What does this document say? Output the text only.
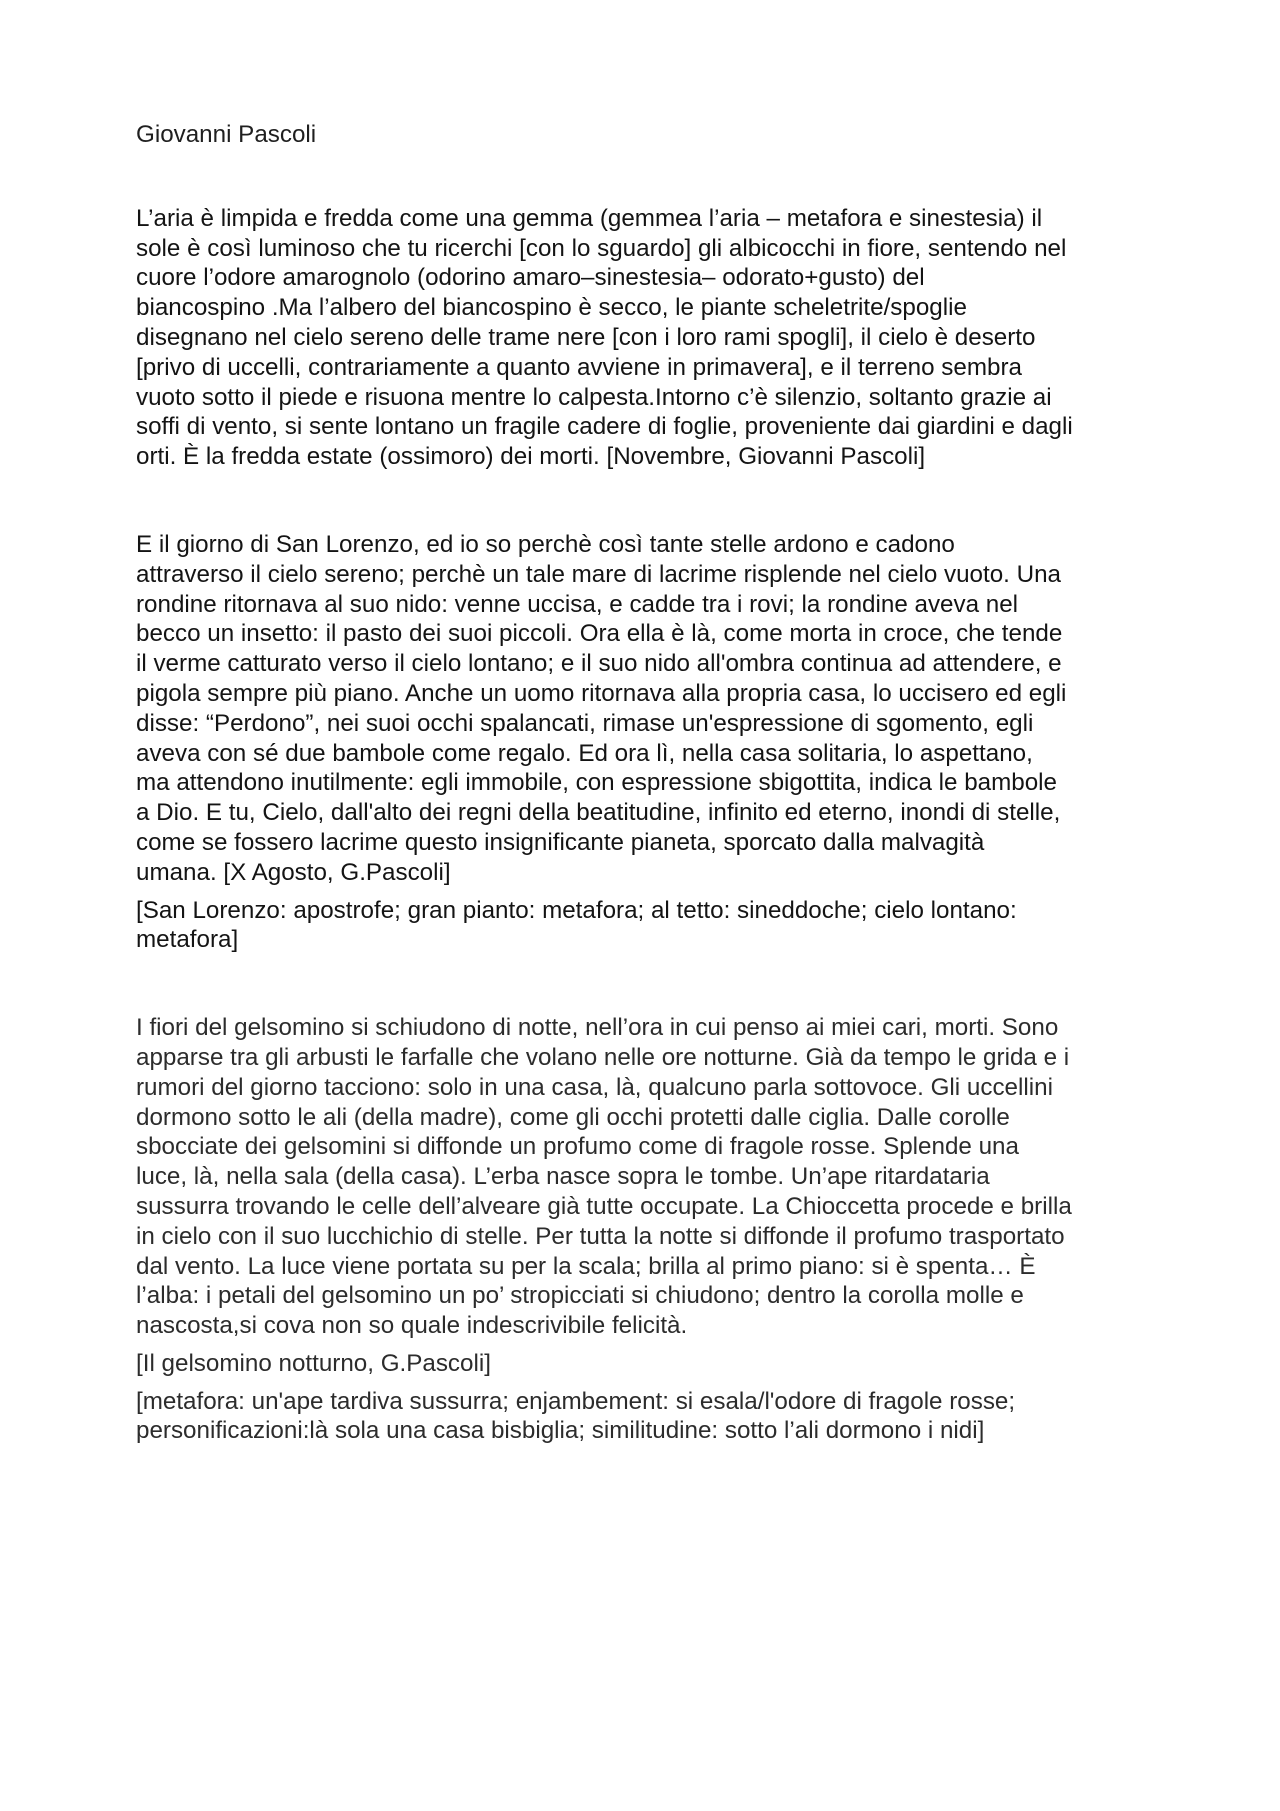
Giovanni Pascoli

L’aria è limpida e fredda come una gemma (gemmea l’aria – metafora e sinestesia) il
sole è così luminoso che tu ricerchi [con lo sguardo] gli albicocchi in fiore, sentendo nel
cuore l’odore amarognolo (odorino amaro–sinestesia– odorato+gusto) del
biancospino .Ma l’albero del biancospino è secco, le piante scheletrite/spoglie
disegnano nel cielo sereno delle trame nere [con i loro rami spogli], il cielo è deserto
[privo di uccelli, contrariamente a quanto avviene in primavera], e il terreno sembra
vuoto sotto il piede e risuona mentre lo calpesta.Intorno c’è silenzio, soltanto grazie ai
soffi di vento, si sente lontano un fragile cadere di foglie, proveniente dai giardini e dagli
orti. È la fredda estate (ossimoro) dei morti. [Novembre, Giovanni Pascoli]

E il giorno di San Lorenzo, ed io so perchè così tante stelle ardono e cadono
attraverso il cielo sereno; perchè un tale mare di lacrime risplende nel cielo vuoto. Una
rondine ritornava al suo nido: venne uccisa, e cadde tra i rovi; la rondine aveva nel
becco un insetto: il pasto dei suoi piccoli. Ora ella è là, come morta in croce, che tende
il verme catturato verso il cielo lontano; e il suo nido all'ombra continua ad attendere, e
pigola sempre più piano. Anche un uomo ritornava alla propria casa, lo uccisero ed egli
disse: “Perdono”, nei suoi occhi spalancati, rimase un'espressione di sgomento, egli
aveva con sé due bambole come regalo. Ed ora lì, nella casa solitaria, lo aspettano,
ma attendono inutilmente: egli immobile, con espressione sbigottita, indica le bambole
a Dio. E tu, Cielo, dall'alto dei regni della beatitudine, infinito ed eterno, inondi di stelle,
come se fossero lacrime questo insignificante pianeta, sporcato dalla malvagità
umana. [X Agosto, G.Pascoli]

[San Lorenzo: apostrofe; gran pianto: metafora; al tetto: sineddoche; cielo lontano:
metafora]

I fiori del gelsomino si schiudono di notte, nell’ora in cui penso ai miei cari, morti. Sono
apparse tra gli arbusti le farfalle che volano nelle ore notturne. Già da tempo le grida e i
rumori del giorno tacciono: solo in una casa, là, qualcuno parla sottovoce. Gli uccellini
dormono sotto le ali (della madre), come gli occhi protetti dalle ciglia. Dalle corolle
sbocciate dei gelsomini si diffonde un profumo come di fragole rosse. Splende una
luce, là, nella sala (della casa). L’erba nasce sopra le tombe. Un’ape ritardataria
sussurra trovando le celle dell’alveare già tutte occupate. La Chioccetta procede e brilla
in cielo con il suo lucchichio di stelle. Per tutta la notte si diffonde il profumo trasportato
dal vento. La luce viene portata su per la scala; brilla al primo piano: si è spenta… È
l’alba: i petali del gelsomino un po’ stropicciati si chiudono; dentro la corolla molle e
nascosta,si cova non so quale indescrivibile felicità.

[Il gelsomino notturno, G.Pascoli]

[metafora: un'ape tardiva sussurra; enjambement: si esala/l'odore di fragole rosse;
personificazioni:là sola una casa bisbiglia; similitudine: sotto l’ali dormono i nidi]
